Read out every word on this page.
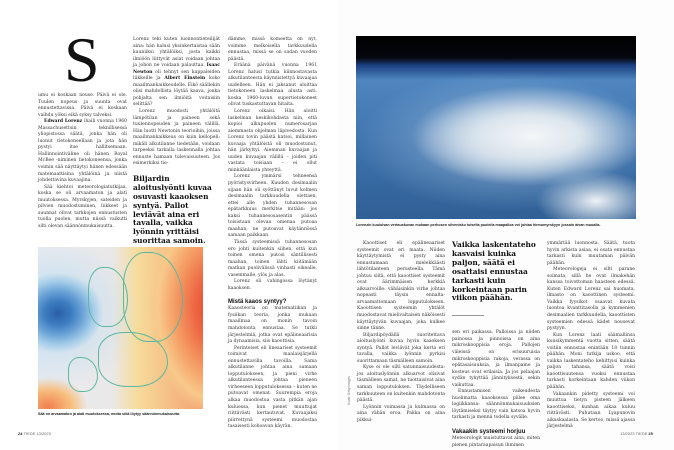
S

umu ei koskaan nouse. Päivä ei ole. Tuulen nopeus ja suunta ovat ennustettavissa. Päivä ei koskaan vaihdu yöksi eikä syksy talveksi.

Edward Lorenz ihaili vuonna 1960 Massachusettsin teknillisessä yliopistossa säätä, jonka hän oli luonut tietokoneellaan ja jota hän pystyi itse hallitsemaan. Hallinnointiväline oli hänen Royal McBee -niminen tietokoneensa, jonka voimin sää näyttäytyi hänen edessään matemaattisina yhtälöinä ja niistä johdettavina kuvaajina.

Sää kiehtoi meteorologiatutkijaa, koska se oli arvaamaton ja alati muutoksessa. Myrskyjen, sateiden ja pilvien muodostuminen, liikkeet ja suunnat olivat tarkkojen ennustusten tuolla puolen, mutta niissä vaikutti silti olevan säännönmukaisuutta.

Lorenz teki kuten luonnontieteilijät aina: hän halusi yksinkertaistaa sään kauniiksi yhtälöiksi, josta kaikki ilmiöön liittyvät asiat voidaan johtaa ja johon ne voidaan palauttaa. Isaac Newton oli tehnyt sen kappaleiden liikkeille ja Albert Einstein koko maailmankaikkeudelle. Eikö säällekin olisi mahdollista löytää kaava, jonka pohjalta sen ilmiöitä voitaisiin selittää?

Lorenz muodosti yhtälöitä lämpötilan ja paineen sekä tuulennopeuden ja paineen välillä. Hän luotti Newtonin teorioihin, joissa maailmankaikkeus on kuin kellopeli: mikäli alkutilanne tiedetään, voidaan tarpeeksi tarkalla laskennalla johtaa ennuste hamaan tulevaisuuteen. Jos esimerkiksi tie-

Biljardin aloituslyönti kuvaa osuvasti kaaoksen syntyä. Pallot leviävät aina eri tavalla, vaikka lyönnin yrittäisi suorittaa samoin.

dämme, missä komeetta on nyt, voimme melkoisella tarkkuudella ennustaa, missä se on sadan vuoden päästä.

Eräänä päivänä vuonna 1961 Lorenz halusi tutkia kiinnostavasta alkutilanteesta käynnistettyä kuvaajaa uudelleen. Hän ei jaksanut aloittaa tietokoneen laskelmaa alusta asti, koska 1960-luvun supertietokoneet olivat tuskastuttavan hitaita.

Lorenz oikaisi. Hän aloitti laskelman keskikohdasta niin, että kopioi alkupuolen numerosarjan aiemmasta ohjelman läpivedosta. Kun Lorenz tovin päästä katsoi, millainen kuvaaja yhtälöistä oli muodostunut, hän järkyttyi. Aiemman kuvaajan ja uuden kuvaajan välillä – joiden piti vastata toisiaan – ei ollut minkäänlaista yhteyttä.

Lorenz ymmärsi tehneensä pyöristysvirheen. Kuuden desimaalin sijaan hän oli syöttänyt luvut kolmen desimaalin tarkkuudella olettaen, ettei alle yhden tuhannesosan epätarkkuus merkitse mitään: jos kaksi tuhannesosasentin päässä toisistaan olevaa omenaa putoaa maahan, ne putoavat käytännössä samaan paikkaan.

Tässä systeemissä tuhannesosan ero johti kuitenkin siihen, että kun toinen omena putosi säntillisesti maahan, toinen lähti kiitämään matkan puolivälissä vinhasti oikealle, vasemmalle, ylös ja alas.

Lorenz oli vahingossa löytänyt kaaoksen.

Mistä kaaos syntyy?

Kaaosteoria on matematiikan ja fysiikan teoria, jonka mukaan maailmaa on monin tavoin mahdotonta ennustaa. Se tutkii järjestelmiä, jotka ovat epälineaarisia ja dynaamisia, siis kaoottisia.

Perinteiset eli lineaariset systeemit toimivat maalaisjärjellä ennustettavilla tavoilla. Sama alkutilanne johtaa aina samaan lopputulokseen, ja pieni virhe alkutilanteessa johtaa pieneen virheeseen lopputuloksessa – kuten ne putoavat omenat. Suurempia eroja alkaa muodostua vasta pitkän ajan kuluessa, kun pienet muuttujat riittävästi kertautuvat. Kuvaajaksi piirrettynä systeemi muodostaa tasaisesti kohoavan käyrän.

Sää on arvaamaton ja alati muutoksessa, mutta siitä löytyy säännönmukaisuutta.
24 TIEDE 13/2023
Lorenzin kuuluisan vertauskuvan mukaan perhosen siivenisku toisella puolella maapalloa voi johtaa hirmumyrskyyn jossain aivan muualla.
Kuvat: Getty Images

Kaoottiset eli epälineaariset systeemit ovat eri maata. Niiden käyttäytymistä ei pysty aina ennustamaan mielekkäästi lähtötilanteen perusteella. Tämä johtuu siitä, että kaoottiset systeemit ovat äärimmäisen herkkiä alkuarvoille: vähäisinkin virhe johtaa nopeasti täysin ennalta-arvaamattomaan lopputulokseen. Kaoottisen systeemin yhtälöt muodostavat mielivaltaisen näköisesti käyttäytyvän kuvaajan, joka kulkee sinne tänne.

Biljardipöydällä suoritettava aloituslyönti kuvaa hyvin kaaoksen syntyä. Pallot leviävät joka kerta eri tavalla, vaikka lyönnin pyrkisi suorittamaan täsmälleen samoin.

Kyse ei ole silti satunnaisuudesta: jos aloituslyönnin alkuarvot olisivat täsmälleen samat, ne tuottaisivat aina saman lopputuloksen. Täydelliseen tarkkuuteen on kuitenkin mahdotonta päästä.

Lyönnin voimassa ja kulmassa on aina vähän eroa. Pakka on aina pikkui-

Vaikka laskentateho kasvaisi kuinka paljon, säätä ei osattaisi ennustaa tarkasti kuin korkeintaan parin viikon päähän.

sen eri paikassa. Palloissa ja niiden painossa ja pinnoissa on aina mikroskooppisia eroja. Pallojen väleissä on erisuuruisia mikroskooppisia rakoja, verassa on epätasaisuuksia, ja ilmanpaine ja kosteus ovat erilaisia. Ja jos pelaajan sydän tykyttää jännityksestä, sekin vaikuttaa.

Ennustamisen vaikeudesta huolimatta kaaoksessa piilee oma logiikkansa: säännönmukaisuuksien löytämiseksi täytyy vain katsoa hyvin tarkasti ja mennä todella syvälle.

Vakaakin systeemi horjuu

Meteorologit muistuttavat aina, miten pienen pintaraapaisun ihminen

ymmärtää luonnosta. Säätä, tuota hyvin arkista asiaa, ei osata ennustaa tarkasti kuin muutaman päivän päähän.

Meteorologeja ei silti parane soimata, sillä he ovat ilmakehän kanssa toivottoman haasteen edessä. Kuten Edward Lorenz sai huomata, ilmasto on kaoottinen systeemi. Vaikka fyysikot osaavat kuvata luontoa kvanttitasolla ja kymmenien desimaalien tarkkuudella, kaoottisten systeemien edessä kädet nousevat pystyyn.

Kun Lorenz laati säämallinsa kuusikymmentä vuotta sitten, säätä voitiin ennustaa enintään 18 tunnin päähän. Moni tutkija uskoo, että vaikka laskentateho kehittyisi kuinka paljon tahansa, säätä voisi kaoottisuutensa vuoksi ennustaa tarkasti korkeintaan kahden viikon päähän.

Vakaankin pidetty systeemi voi muuttua tietyn pisteen jälkeen kaoottiseksi, kunhan aikaa kuluu riittävästi. Puhutaan Lyapunovin aikaskaalasta. Se kertoo, missä ajassa järjestelmä

13/2023 TIEDE 25
